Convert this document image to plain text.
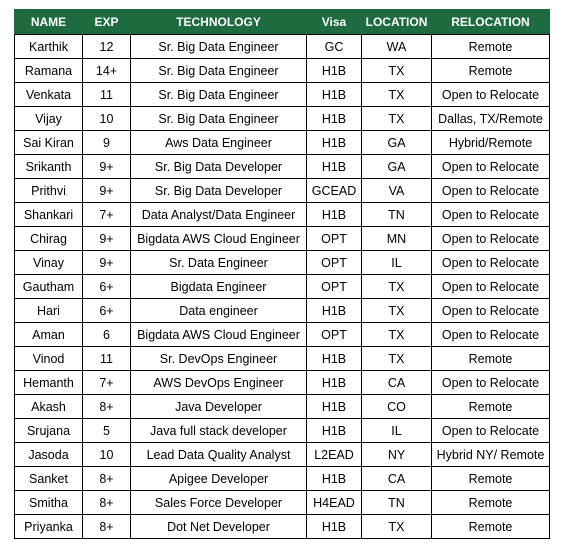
NAME	EXP	TECHNOLOGY	Visa	LOCATION	RELOCATION
Karthik	12	Sr. Big Data Engineer	GC	WA	Remote
Ramana	14+	Sr. Big Data Engineer	H1B	TX	Remote
Venkata	11	Sr. Big Data Engineer	H1B	TX	Open to Relocate
Vijay	10	Sr. Big Data Engineer	H1B	TX	Dallas, TX/Remote
Sai Kiran	9	Aws Data Engineer	H1B	GA	Hybrid/Remote
Srikanth	9+	Sr. Big Data Developer	H1B	GA	Open to Relocate
Prithvi	9+	Sr. Big Data Developer	GCEAD	VA	Open to Relocate
Shankari	7+	Data Analyst/Data Engineer	H1B	TN	Open to Relocate
Chirag	9+	Bigdata AWS Cloud Engineer	OPT	MN	Open to Relocate
Vinay	9+	Sr. Data Engineer	OPT	IL	Open to Relocate
Gautham	6+	Bigdata Engineer	OPT	TX	Open to Relocate
Hari	6+	Data engineer	H1B	TX	Open to Relocate
Aman	6	Bigdata AWS Cloud Engineer	OPT	TX	Open to Relocate
Vinod	11	Sr. DevOps Engineer	H1B	TX	Remote
Hemanth	7+	AWS DevOps Engineer	H1B	CA	Open to Relocate
Akash	8+	Java Developer	H1B	CO	Remote
Srujana	5	Java full stack developer	H1B	IL	Open to Relocate
Jasoda	10	Lead Data Quality Analyst	L2EAD	NY	Hybrid NY/ Remote
Sanket	8+	Apigee Developer	H1B	CA	Remote
Smitha	8+	Sales Force Developer	H4EAD	TN	Remote
Priyanka	8+	Dot Net Developer	H1B	TX	Remote
